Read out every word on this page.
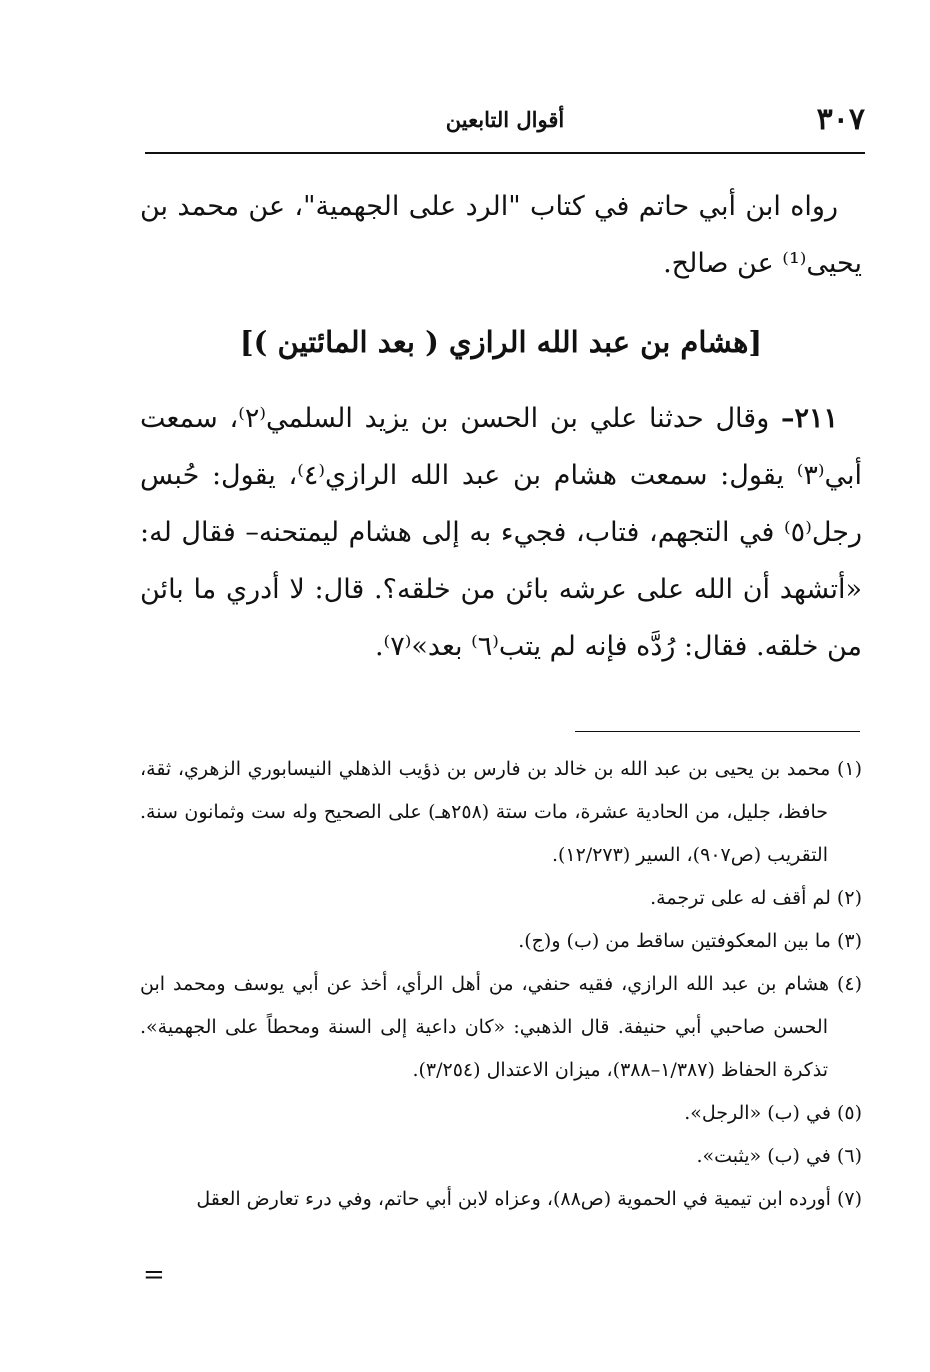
٣٠٧
أقوال التابعين

رواه ابن أبي حاتم في كتاب "الرد على الجهمية"، عن محمد بن يحيى⁽¹⁾ عن صالح.

[هشام بن عبد الله الرازي ( بعد المائتين )]

٢١١– وقال حدثنا علي بن الحسن بن يزيد السلمي⁽٢⁾، سمعت أبي⁽٣⁾ يقول: سمعت هشام بن عبد الله الرازي⁽٤⁾، يقول: حُبس رجل⁽٥⁾ في التجهم، فتاب، فجيء به إلى هشام ليمتحنه– فقال له: «أتشهد أن الله على عرشه بائن من خلقه؟. قال: لا أدري ما بائن من خلقه. فقال: رُدَّه فإنه لم يتب⁽٦⁾ بعد»⁽٧⁾.

(١) محمد بن يحيى بن عبد الله بن خالد بن فارس بن ذؤيب الذهلي النيسابوري الزهري، ثقة، حافظ، جليل، من الحادية عشرة، مات ستة (٢٥٨هـ) على الصحيح وله ست وثمانون سنة. التقريب (ص٩٠٧)، السير (١٢/٢٧٣).

(٢) لم أقف له على ترجمة.

(٣) ما بين المعكوفتين ساقط من (ب) و(ج).

(٤) هشام بن عبد الله الرازي، فقيه حنفي، من أهل الرأي، أخذ عن أبي يوسف ومحمد ابن الحسن صاحبي أبي حنيفة. قال الذهبي: «كان داعية إلى السنة ومحطاً على الجهمية». تذكرة الحفاظ (١/٣٨٧–٣٨٨)، ميزان الاعتدال (٣/٢٥٤).

(٥) في (ب) «الرجل».

(٦) في (ب) «يثبت».

(٧) أورده ابن تيمية في الحموية (ص٨٨)، وعزاه لابن أبي حاتم، وفي درء تعارض العقل

=
